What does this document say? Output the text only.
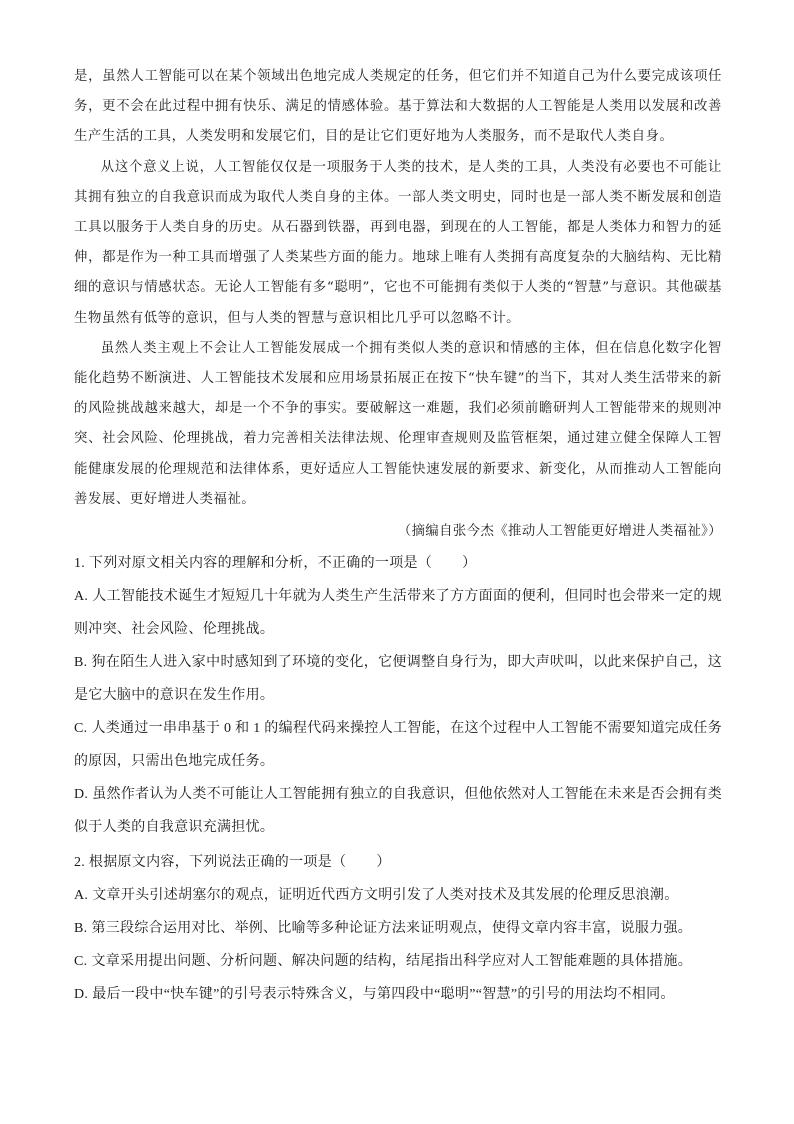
是，虽然人工智能可以在某个领域出色地完成人类规定的任务，但它们并不知道自己为什么要完成该项任务，更不会在此过程中拥有快乐、满足的情感体验。基于算法和大数据的人工智能是人类用以发展和改善生产生活的工具，人类发明和发展它们，目的是让它们更好地为人类服务，而不是取代人类自身。

从这个意义上说，人工智能仅仅是一项服务于人类的技术，是人类的工具，人类没有必要也不可能让其拥有独立的自我意识而成为取代人类自身的主体。一部人类文明史，同时也是一部人类不断发展和创造工具以服务于人类自身的历史。从石器到铁器，再到电器，到现在的人工智能，都是人类体力和智力的延伸，都是作为一种工具而增强了人类某些方面的能力。地球上唯有人类拥有高度复杂的大脑结构、无比精细的意识与情感状态。无论人工智能有多“聪明”，它也不可能拥有类似于人类的“智慧”与意识。其他碳基生物虽然有低等的意识，但与人类的智慧与意识相比几乎可以忽略不计。

虽然人类主观上不会让人工智能发展成一个拥有类似人类的意识和情感的主体，但在信息化数字化智能化趋势不断演进、人工智能技术发展和应用场景拓展正在按下“快车键”的当下，其对人类生活带来的新的风险挑战越来越大，却是一个不争的事实。要破解这一难题，我们必须前瞻研判人工智能带来的规则冲突、社会风险、伦理挑战，着力完善相关法律法规、伦理审查规则及监管框架，通过建立健全保障人工智能健康发展的伦理规范和法律体系，更好适应人工智能快速发展的新要求、新变化，从而推动人工智能向善发展、更好增进人类福祉。

（摘编自张今杰《推动人工智能更好增进人类福祉》）

1. 下列对原文相关内容的理解和分析，不正确的一项是（ ）

A. 人工智能技术诞生才短短几十年就为人类生产生活带来了方方面面的便利，但同时也会带来一定的规则冲突、社会风险、伦理挑战。

B. 狗在陌生人进入家中时感知到了环境的变化，它便调整自身行为，即大声吠叫，以此来保护自己，这是它大脑中的意识在发生作用。

C. 人类通过一串串基于 0 和 1 的编程代码来操控人工智能，在这个过程中人工智能不需要知道完成任务的原因，只需出色地完成任务。

D. 虽然作者认为人类不可能让人工智能拥有独立的自我意识，但他依然对人工智能在未来是否会拥有类似于人类的自我意识充满担忧。

2. 根据原文内容，下列说法正确的一项是（ ）

A. 文章开头引述胡塞尔的观点，证明近代西方文明引发了人类对技术及其发展的伦理反思浪潮。

B. 第三段综合运用对比、举例、比喻等多种论证方法来证明观点，使得文章内容丰富，说服力强。

C. 文章采用提出问题、分析问题、解决问题的结构，结尾指出科学应对人工智能难题的具体措施。

D. 最后一段中“快车键”的引号表示特殊含义，与第四段中“聪明”“智慧”的引号的用法均不相同。
